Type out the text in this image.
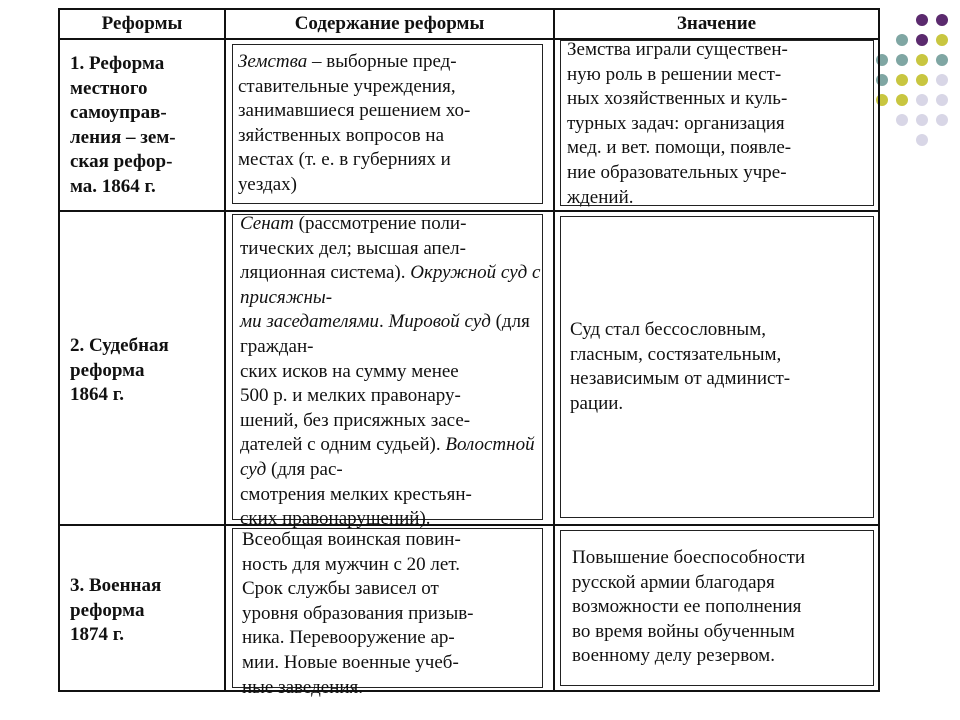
Реформы	Содержание реформы	Значение
1. Реформа
местного
самоуправ-
ления – зем-
ская рефор-
ма. 1864 г.
Земства – выборные пред-
ставительные учреждения,
занимавшиеся решением хо-
зяйственных вопросов на
местах (т. е. в губерниях и
уездах)
Земства играли существен-
ную роль в решении мест-
ных хозяйственных и куль-
турных задач: организация
мед. и вет. помощи, появле-
ние образовательных учре-
ждений.
2. Судебная
реформа
1864 г.
Сенат (рассмотрение поли-
тических дел; высшая апел-
ляционная система). Окружной суд с присяжны-
ми заседателями. Мировой суд (для граждан-
ских исков на сумму менее
500 р. и мелких правонару-
шений, без присяжных засе-
дателей с одним судьей). Волостной суд (для рас-
смотрения мелких крестьян-
ских правонарушений).
Суд стал бессословным,
гласным, состязательным,
независимым от админист-
рации.
3. Военная
реформа
1874 г.
Всеобщая воинская повин-
ность для мужчин с 20 лет.
Срок службы зависел от
уровня образования призыв-
ника. Перевооружение ар-
мии. Новые военные учеб-
ные заведения.
Повышение боеспособности
русской армии благодаря
возможности ее пополнения
во время войны обученным
военному делу резервом.
